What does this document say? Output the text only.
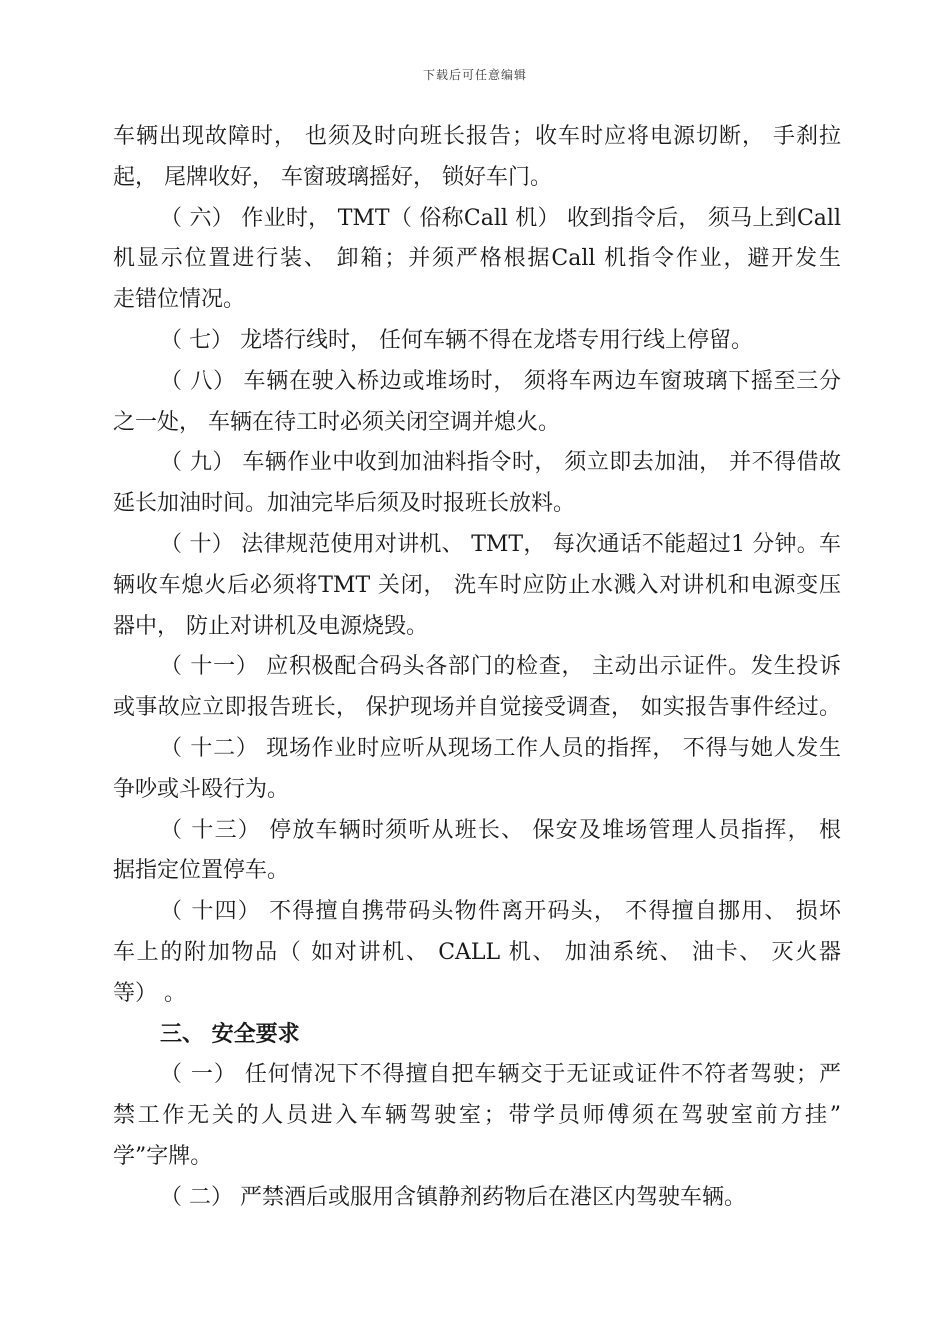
下载后可任意编辑
车辆出现故障时， 也须及时向班长报告；收车时应将电源切断， 手刹拉
起， 尾牌收好， 车窗玻璃摇好， 锁好车门。
（ 六） 作业时， TMT（ 俗称Call 机） 收到指令后， 须马上到Call
机显示位置进行装、 卸箱；并须严格根据Call 机指令作业，避开发生
走错位情况。
（ 七） 龙塔行线时， 任何车辆不得在龙塔专用行线上停留。
（ 八） 车辆在驶入桥边或堆场时， 须将车两边车窗玻璃下摇至三分
之一处， 车辆在待工时必须关闭空调并熄火。
（ 九） 车辆作业中收到加油料指令时， 须立即去加油， 并不得借故
延长加油时间。加油完毕后须及时报班长放料。
（ 十） 法律规范使用对讲机、 TMT， 每次通话不能超过1 分钟。车
辆收车熄火后必须将TMT 关闭， 洗车时应防止水溅入对讲机和电源变压
器中， 防止对讲机及电源烧毁。
（ 十一） 应积极配合码头各部门的检查， 主动出示证件。发生投诉
或事故应立即报告班长， 保护现场并自觉接受调查， 如实报告事件经过。
（ 十二） 现场作业时应听从现场工作人员的指挥， 不得与她人发生
争吵或斗殴行为。
（ 十三） 停放车辆时须听从班长、 保安及堆场管理人员指挥， 根
据指定位置停车。
（ 十四） 不得擅自携带码头物件离开码头， 不得擅自挪用、 损坏
车上的附加物品（ 如对讲机、 CALL 机、 加油系统、 油卡、 灭火器
等） 。
三、 安全要求
（ 一） 任何情况下不得擅自把车辆交于无证或证件不符者驾驶；严
禁工作无关的人员进入车辆驾驶室；带学员师傅须在驾驶室前方挂”
学”字牌。
（ 二） 严禁酒后或服用含镇静剂药物后在港区内驾驶车辆。
